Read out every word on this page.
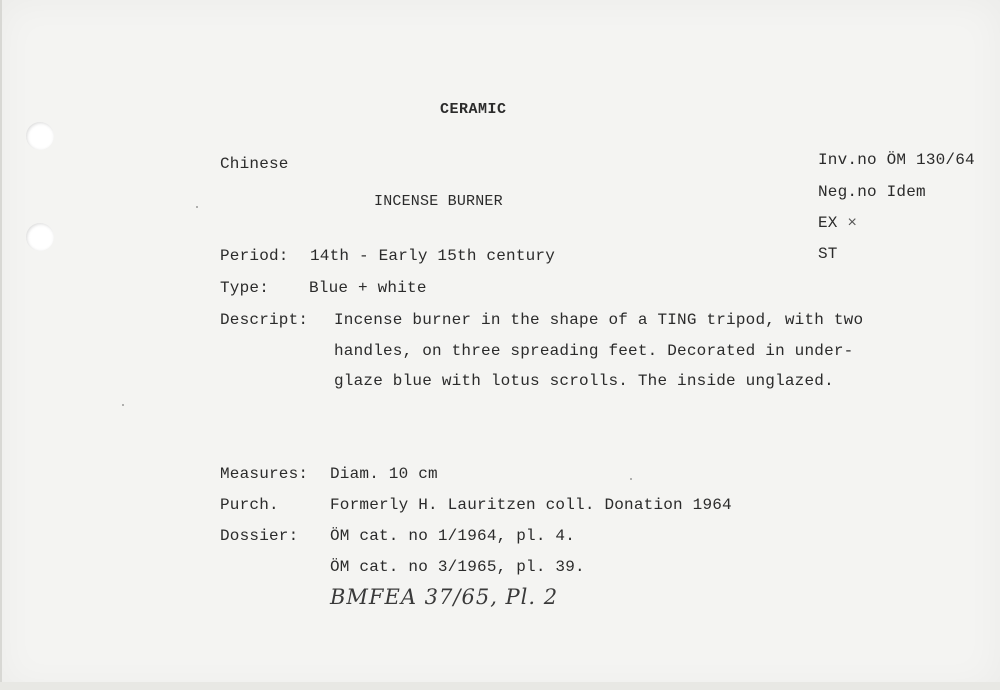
CERAMIC
Chinese
INCENSE BURNER
Inv.no ÖM 130/64
Neg.no Idem
EX ×
ST
Period: 14th - Early 15th century
Type: Blue + white
Descript: Incense burner in the shape of a TING tripod, with two
handles, on three spreading feet. Decorated in under-
glaze blue with lotus scrolls. The inside unglazed.
Measures: Diam. 10 cm
Purch.	Formerly H. Lauritzen coll. Donation 1964
Dossier: ÖM cat. no 1/1964, pl. 4.
ÖM cat. no 3/1965, pl. 39.
BMFEA 37/65, Pl. 2
